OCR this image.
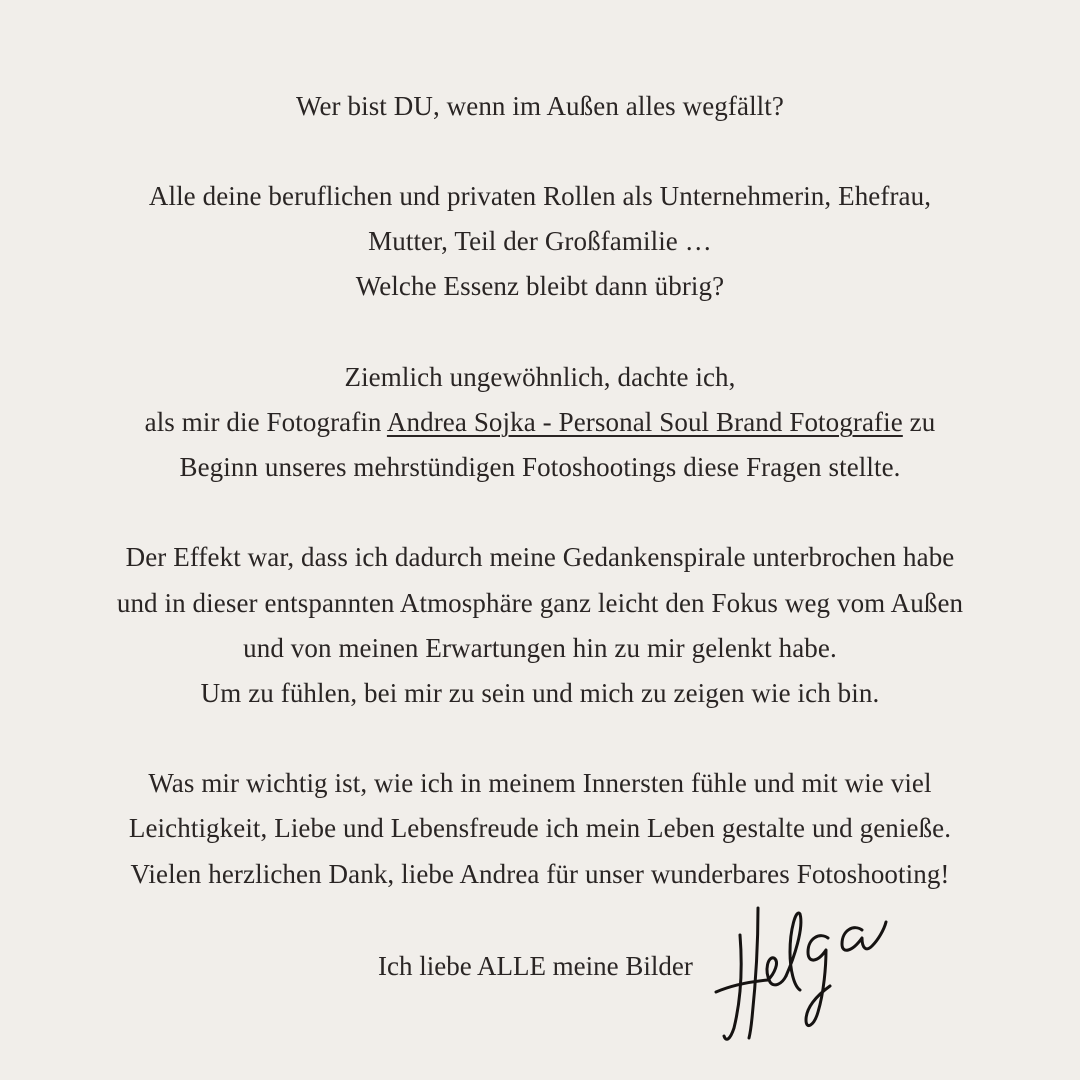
Wer bist DU, wenn im Außen alles wegfällt?
Alle deine beruflichen und privaten Rollen als Unternehmerin, Ehefrau,
Mutter, Teil der Großfamilie …
Welche Essenz bleibt dann übrig?
Ziemlich ungewöhnlich, dachte ich,
als mir die Fotografin Andrea Sojka - Personal Soul Brand Fotografie zu
Beginn unseres mehrstündigen Fotoshootings diese Fragen stellte.
Der Effekt war, dass ich dadurch meine Gedankenspirale unterbrochen habe
und in dieser entspannten Atmosphäre ganz leicht den Fokus weg vom Außen
und von meinen Erwartungen hin zu mir gelenkt habe.
Um zu fühlen, bei mir zu sein und mich zu zeigen wie ich bin.
Was mir wichtig ist, wie ich in meinem Innersten fühle und mit wie viel
Leichtigkeit, Liebe und Lebensfreude ich mein Leben gestalte und genieße.
Vielen herzlichen Dank, liebe Andrea für unser wunderbares Fotoshooting!
Ich liebe ALLE meine Bilder
